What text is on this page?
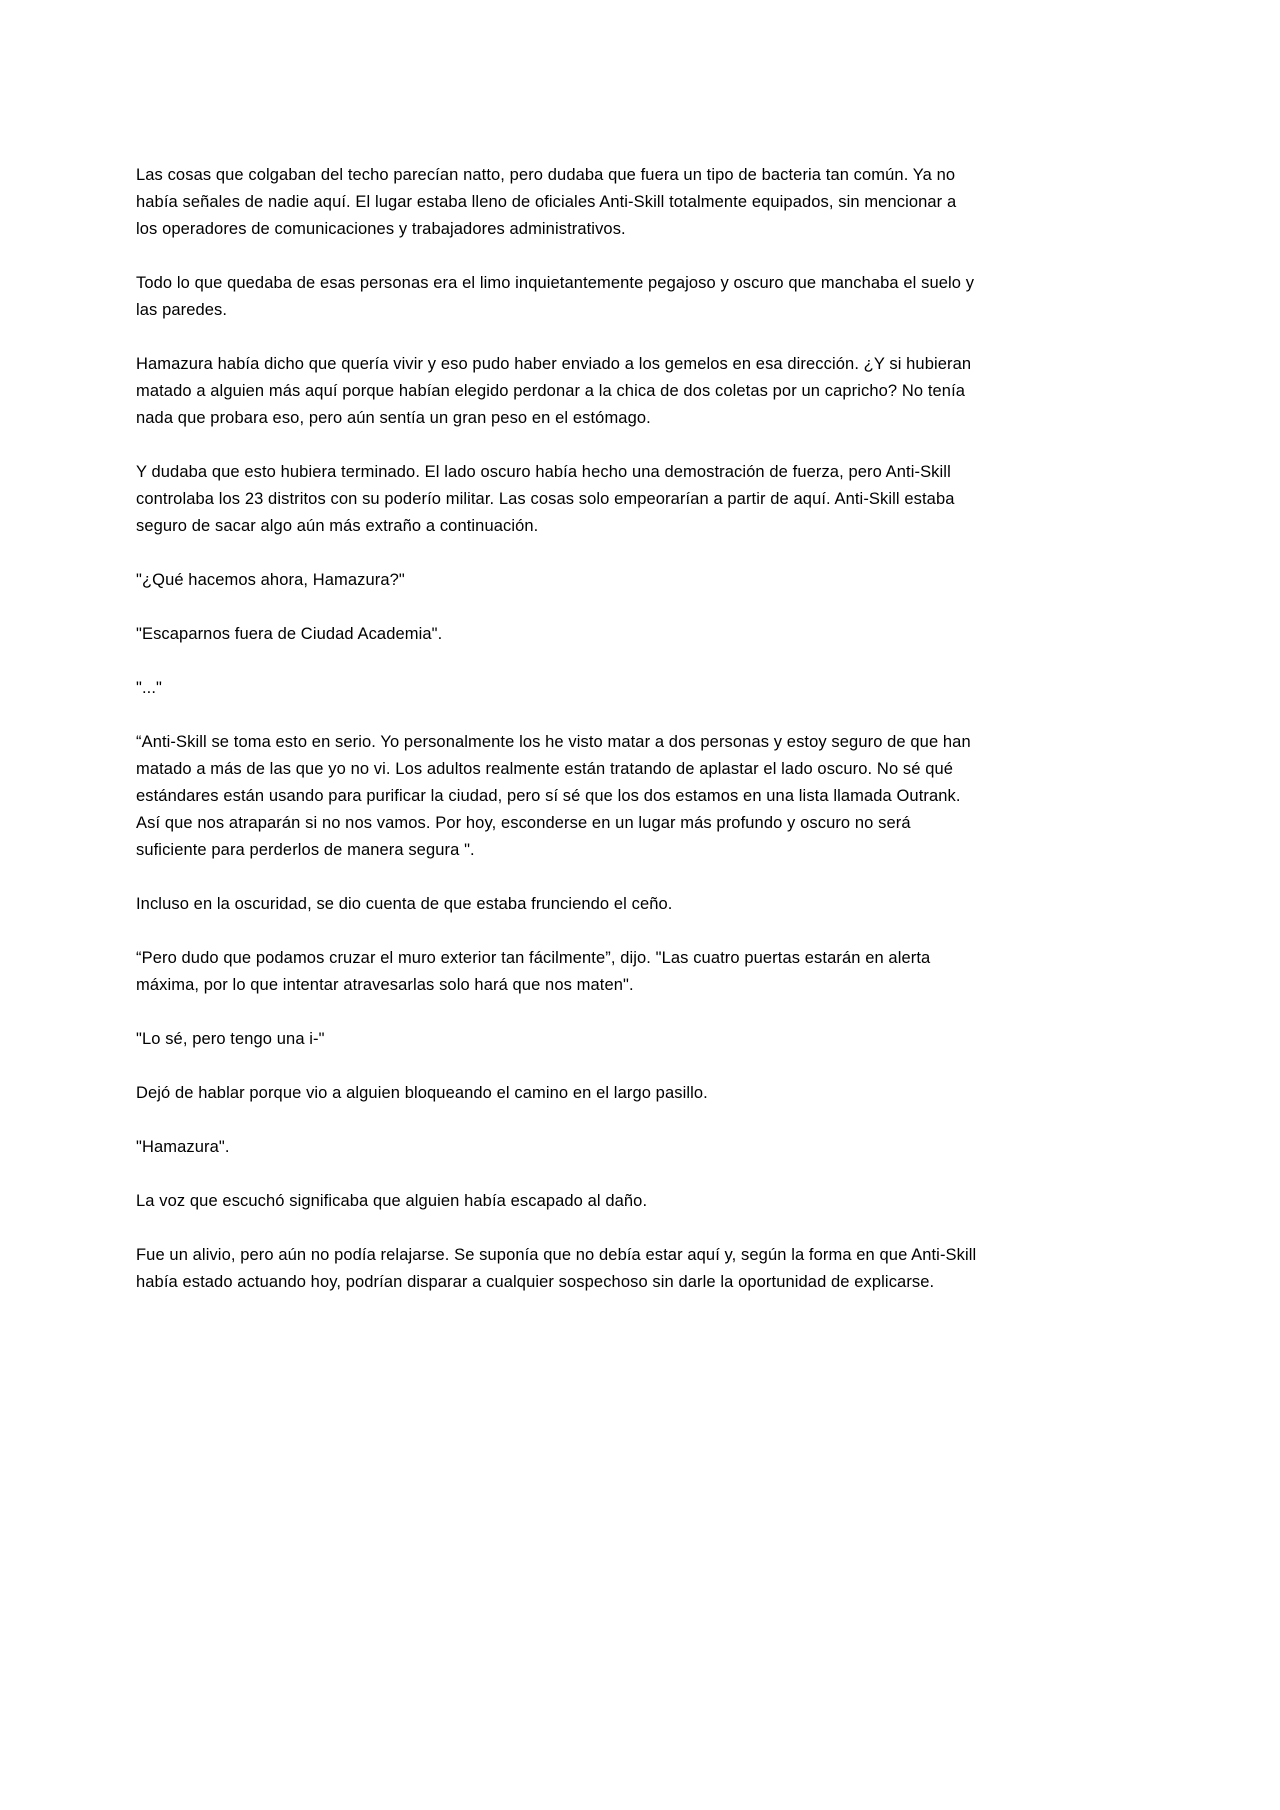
Las cosas que colgaban del techo parecían natto, pero dudaba que fuera un tipo de bacteria tan común. Ya no había señales de nadie aquí. El lugar estaba lleno de oficiales Anti-Skill totalmente equipados, sin mencionar a los operadores de comunicaciones y trabajadores administrativos.

Todo lo que quedaba de esas personas era el limo inquietantemente pegajoso y oscuro que manchaba el suelo y las paredes.

Hamazura había dicho que quería vivir y eso pudo haber enviado a los gemelos en esa dirección. ¿Y si hubieran matado a alguien más aquí porque habían elegido perdonar a la chica de dos coletas por un capricho? No tenía nada que probara eso, pero aún sentía un gran peso en el estómago.

Y dudaba que esto hubiera terminado. El lado oscuro había hecho una demostración de fuerza, pero Anti-Skill controlaba los 23 distritos con su poderío militar. Las cosas solo empeorarían a partir de aquí. Anti-Skill estaba seguro de sacar algo aún más extraño a continuación.

"¿Qué hacemos ahora, Hamazura?"

"Escaparnos fuera de Ciudad Academia".

"..."

“Anti-Skill se toma esto en serio. Yo personalmente los he visto matar a dos personas y estoy seguro de que han matado a más de las que yo no vi. Los adultos realmente están tratando de aplastar el lado oscuro. No sé qué estándares están usando para purificar la ciudad, pero sí sé que los dos estamos en una lista llamada Outrank. Así que nos atraparán si no nos vamos. Por hoy, esconderse en un lugar más profundo y oscuro no será suficiente para perderlos de manera segura ".

Incluso en la oscuridad, se dio cuenta de que estaba frunciendo el ceño.

“Pero dudo que podamos cruzar el muro exterior tan fácilmente”, dijo. "Las cuatro puertas estarán en alerta máxima, por lo que intentar atravesarlas solo hará que nos maten".

"Lo sé, pero tengo una i-"

Dejó de hablar porque vio a alguien bloqueando el camino en el largo pasillo.

"Hamazura".

La voz que escuchó significaba que alguien había escapado al daño.

Fue un alivio, pero aún no podía relajarse. Se suponía que no debía estar aquí y, según la forma en que Anti-Skill había estado actuando hoy, podrían disparar a cualquier sospechoso sin darle la oportunidad de explicarse.
